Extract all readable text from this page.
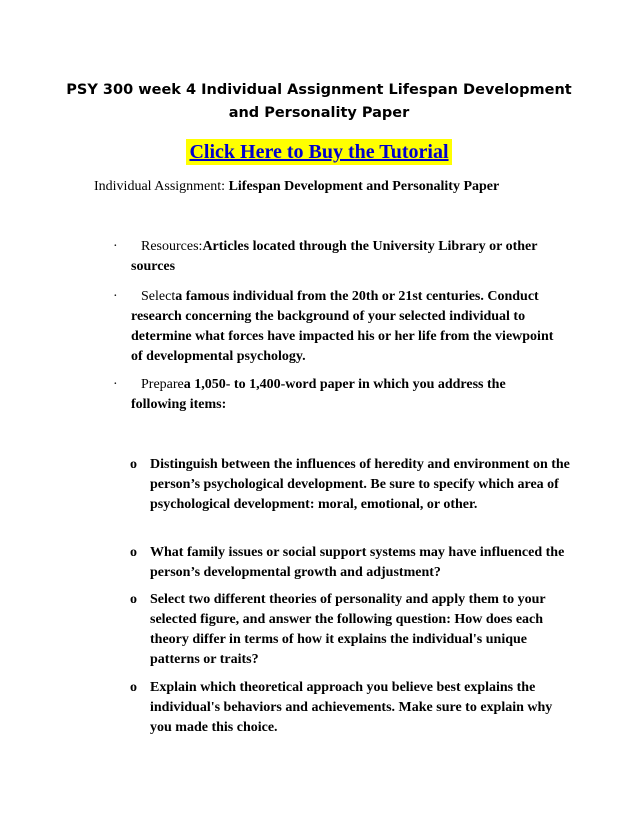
PSY 300 week 4 Individual Assignment Lifespan Development
and Personality Paper
Click Here to Buy the Tutorial
Individual Assignment: Lifespan Development and Personality Paper
·	Resources:Articles located through the University Library or other sources
·	Selecta famous individual from the 20th or 21st centuries. Conduct research concerning the background of your selected individual to determine what forces have impacted his or her life from the viewpoint of developmental psychology.
·	Preparea 1,050- to 1,400-word paper in which you address the following items:
o Distinguish between the influences of heredity and environment on the person’s psychological development. Be sure to specify which area of psychological development: moral, emotional, or other.
o What family issues or social support systems may have influenced the person’s developmental growth and adjustment?
o Select two different theories of personality and apply them to your selected figure, and answer the following question: How does each theory differ in terms of how it explains the individual's unique patterns or traits?
o Explain which theoretical approach you believe best explains the individual's behaviors and achievements. Make sure to explain why you made this choice.
